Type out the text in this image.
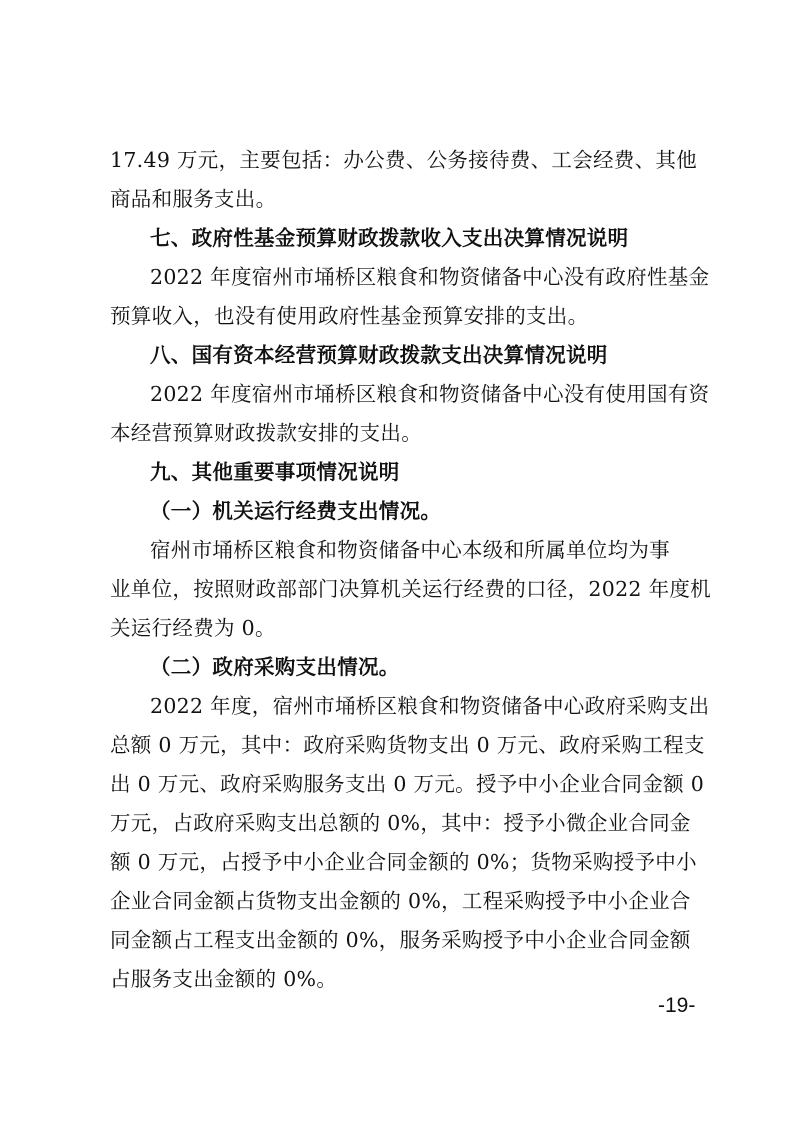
17.49 万元，主要包括：办公费、公务接待费、工会经费、其他
商品和服务支出。
七、政府性基金预算财政拨款收入支出决算情况说明
2022 年度宿州市埇桥区粮食和物资储备中心没有政府性基金
预算收入，也没有使用政府性基金预算安排的支出。
八、国有资本经营预算财政拨款支出决算情况说明
2022 年度宿州市埇桥区粮食和物资储备中心没有使用国有资
本经营预算财政拨款安排的支出。
九、其他重要事项情况说明
（一）机关运行经费支出情况。
宿州市埇桥区粮食和物资储备中心本级和所属单位均为事
业单位，按照财政部部门决算机关运行经费的口径，2022 年度机
关运行经费为 0。
（二）政府采购支出情况。
2022 年度，宿州市埇桥区粮食和物资储备中心政府采购支出
总额 0 万元，其中：政府采购货物支出 0 万元、政府采购工程支
出 0 万元、政府采购服务支出 0 万元。授予中小企业合同金额 0
万元，占政府采购支出总额的 0%，其中：授予小微企业合同金
额 0 万元，占授予中小企业合同金额的 0%；货物采购授予中小
企业合同金额占货物支出金额的 0%，工程采购授予中小企业合
同金额占工程支出金额的 0%，服务采购授予中小企业合同金额
占服务支出金额的 0%。
-19-
